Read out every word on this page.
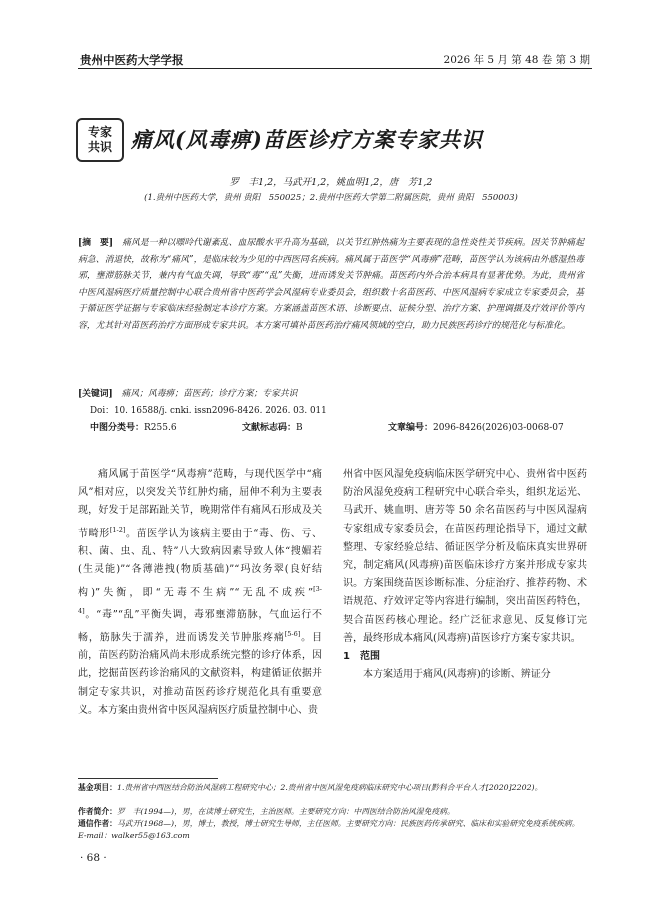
贵州中医药大学学报	2026 年 5 月 第 48 卷 第 3 期
专家
共识 痛风(风毒痹)苗医诊疗方案专家共识
罗　丰1,2，马武开1,2，姚血明1,2，唐　芳1,2
(1.贵州中医药大学，贵州 贵阳　550025；2.贵州中医药大学第二附属医院，贵州 贵阳　550003)

[摘　要]　 痛风是一种以嘌呤代谢紊乱、血尿酸水平升高为基础，以关节红肿热痛为主要表现的急性炎性关节疾病。因关节肿痛起病急、消退快，故称为“痛风”，是临床较为少见的中西医同名疾病。痛风属于苗医学“风毒痹”范畴，苗医学认为该病由外感湿热毒邪，壅滞筋脉关节，兼内有气血失调，导致“毒”“乱”失衡，进而诱发关节肿痛。苗医药内外合治本病具有显著优势。为此，贵州省中医风湿病医疗质量控制中心联合贵州省中医药学会风湿病专业委员会，组织数十名苗医药、中医风湿病专家成立专家委员会，基于循证医学证据与专家临床经验制定本诊疗方案。方案涵盖苗医术语、诊断要点、证候分型、治疗方案、护理调摄及疗效评价等内容，尤其针对苗医药治疗方面形成专家共识。本方案可填补苗医药治疗痛风领域的空白，助力民族医药诊疗的规范化与标准化。

[关键词]　 痛风；风毒痹；苗医药；诊疗方案；专家共识
Doi：10. 16588/j. cnki. issn2096-8426. 2026. 03. 011
中图分类号：R255.6	文献标志码：B	文章编号：2096-8426(2026)03-0068-07

痛风属于苗医学“风毒痹”范畴，与现代医学中“痛风”相对应，以突发关节红肿灼痛，屈伸不利为主要表现，好发于足部跖趾关节，晚期常伴有痛风石形成及关节畸形[1-2]。苗医学认为该病主要由于“毒、伤、亏、积、菌、虫、乱、特”八大致病因素导致人体“搜媚若(生灵能)”“各薄港拽(物质基础)”“玛汝务翠(良好结构)”失衡，即“无毒不生病”“无乱不成疾”[3-4]。“毒”“乱”平衡失调，毒邪壅滞筋脉，气血运行不畅，筋脉失于濡养，进而诱发关节肿胀疼痛[5-6]。目前，苗医药防治痛风尚未形成系统完整的诊疗体系，因此，挖掘苗医药诊治痛风的文献资料，构建循证依据并制定专家共识，对推动苗医药诊疗规范化具有重要意义。本方案由贵州省中医风湿病医疗质量控制中心、贵

州省中医风湿免疫病临床医学研究中心、贵州省中医药防治风湿免疫病工程研究中心联合牵头，组织龙运光、马武开、姚血明、唐芳等 50 余名苗医药与中医风湿病专家组成专家委员会，在苗医药理论指导下，通过文献整理、专家经验总结、循证医学分析及临床真实世界研究，制定痛风(风毒痹)苗医临床诊疗方案并形成专家共识。方案围绕苗医诊断标准、分症治疗、推荐药物、术语规范、疗效评定等内容进行编制，突出苗医药特色，契合苗医药核心理论。经广泛征求意见、反复修订完善，最终形成本痛风(风毒痹)苗医诊疗方案专家共识。

1　范围

本方案适用于痛风(风毒痹)的诊断、辨证分

基金项目：1.贵州省中西医结合防治风湿病工程研究中心；2.贵州省中医风湿免疫病临床研究中心项目(黔科合平台人才[2020]2202)。
作者简介：罗　丰(1994—)，男，在读博士研究生，主治医师。主要研究方向：中西医结合防治风湿免疫病。
通信作者：马武开(1968—)，男，博士，教授，博士研究生导师，主任医师。主要研究方向：民族医药传承研究、临床和实验研究免疫系统疾病。E-mail：walker55@163.com
· 68 ·
